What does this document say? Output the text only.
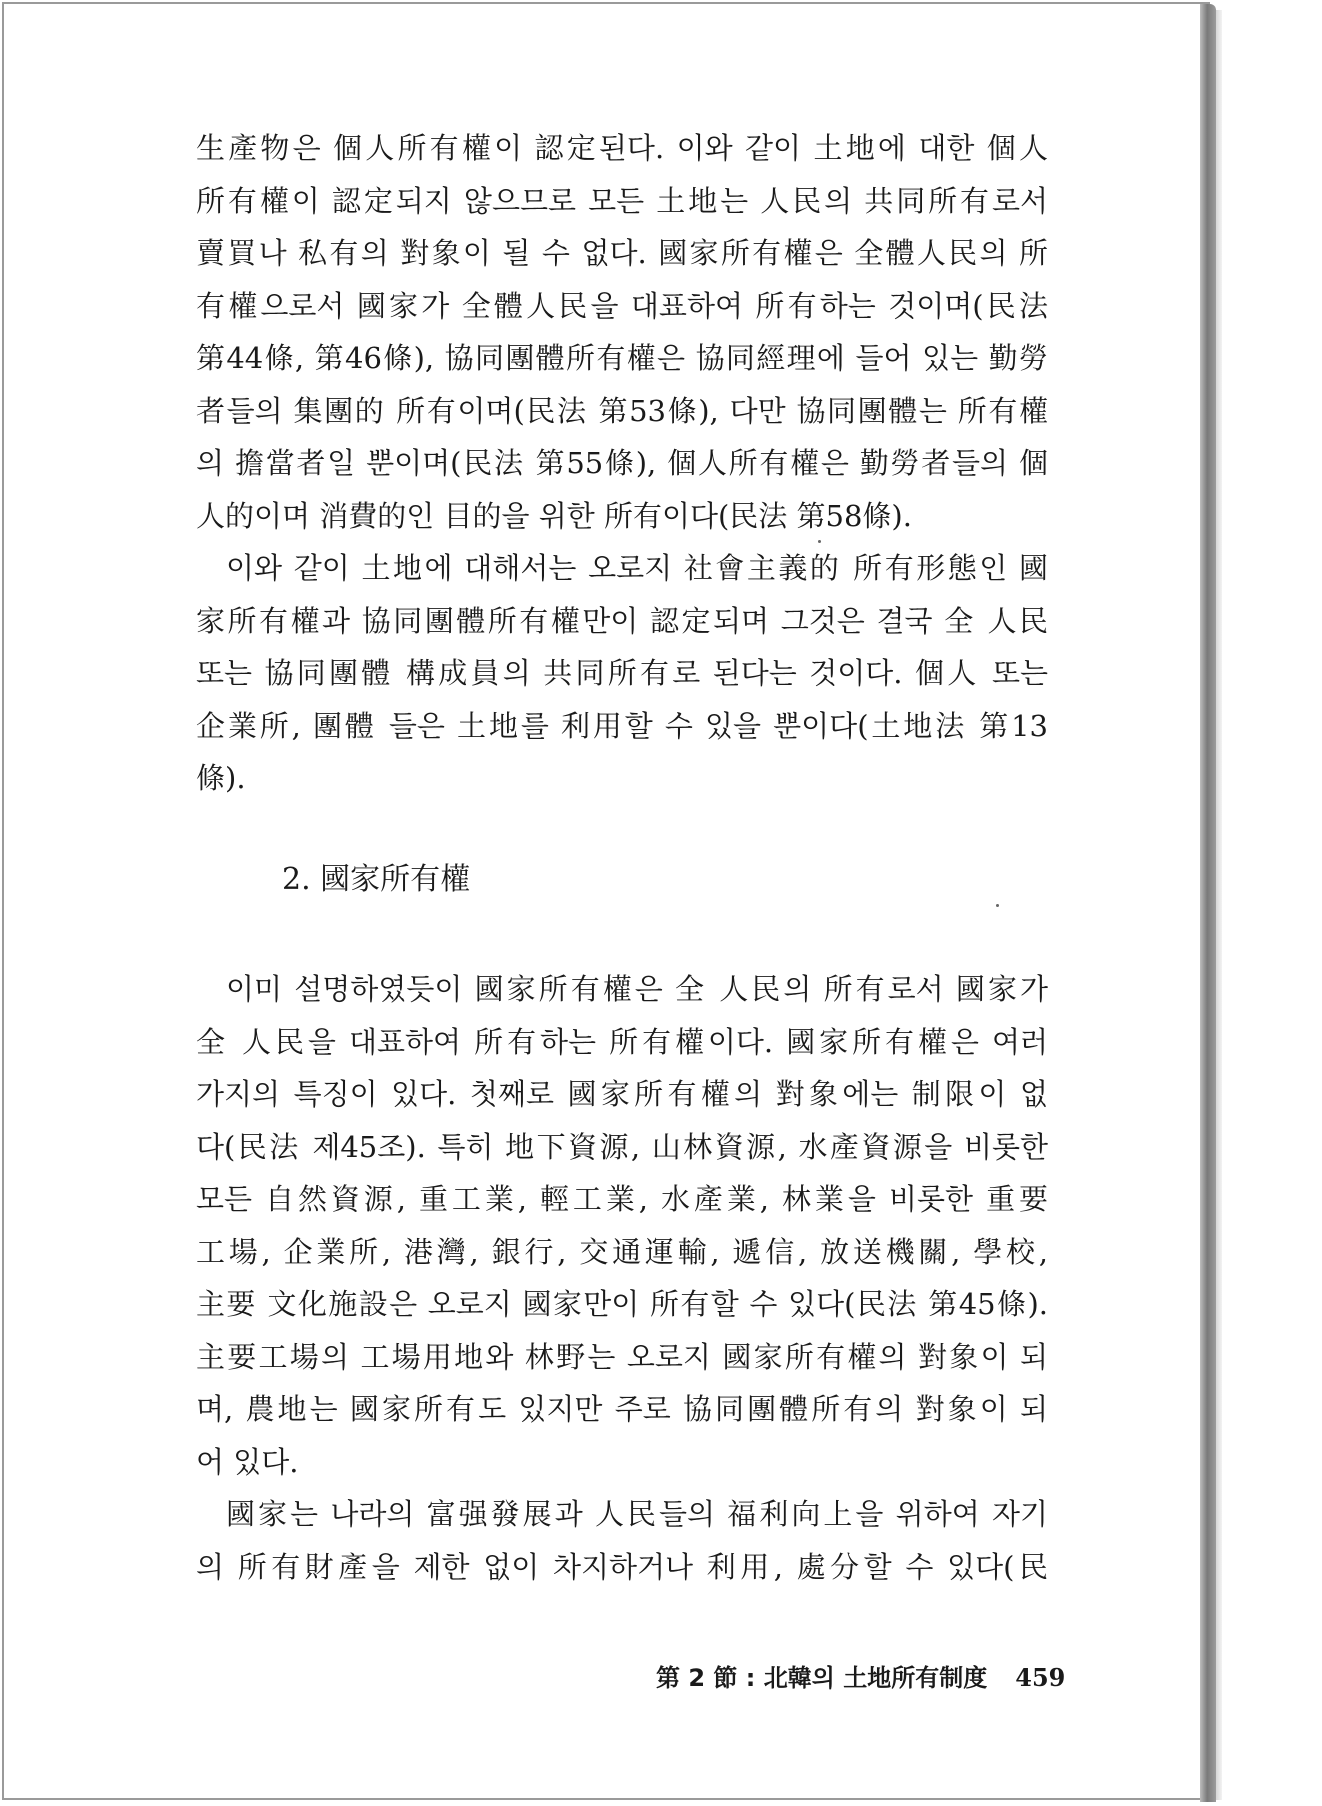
生產物은 個人所有權이 認定된다. 이와 같이 土地에 대한 個人
所有權이 認定되지 않으므로 모든 土地는 人民의 共同所有로서
賣買나 私有의 對象이 될 수 없다. 國家所有權은 全體人民의 所
有權으로서 國家가 全體人民을 대표하여 所有하는 것이며(民法
第44條, 第46條), 協同團體所有權은 協同經理에 들어 있는 勤勞
者들의 集團的 所有이며(民法 第53條), 다만 協同團體는 所有權
의 擔當者일 뿐이며(民法 第55條), 個人所有權은 勤勞者들의 個
人的이며 消費的인 目的을 위한 所有이다(民法 第58條).
이와 같이 土地에 대해서는 오로지 社會主義的 所有形態인 國
家所有權과 協同團體所有權만이 認定되며 그것은 결국 全 人民
또는 協同團體 構成員의 共同所有로 된다는 것이다. 個人 또는
企業所, 團體 들은 土地를 利用할 수 있을 뿐이다(土地法 第13
條).
2. 國家所有權
이미 설명하였듯이 國家所有權은 全 人民의 所有로서 國家가
全 人民을 대표하여 所有하는 所有權이다. 國家所有權은 여러
가지의 특징이 있다. 첫째로 國家所有權의 對象에는 制限이 없
다(民法 제45조). 특히 地下資源, 山林資源, 水產資源을 비롯한
모든 自然資源, 重工業, 輕工業, 水產業, 林業을 비롯한 重要
工場, 企業所, 港灣, 銀行, 交通運輸, 遞信, 放送機關, 學校,
主要 文化施設은 오로지 國家만이 所有할 수 있다(民法 第45條).
主要工場의 工場用地와 林野는 오로지 國家所有權의 對象이 되
며, 農地는 國家所有도 있지만 주로 協同團體所有의 對象이 되
어 있다.
國家는 나라의 富强發展과 人民들의 福利向上을 위하여 자기
의 所有財產을 제한 없이 차지하거나 利用, 處分할 수 있다(民
第 2 節 : 北韓의 土地所有制度 459
